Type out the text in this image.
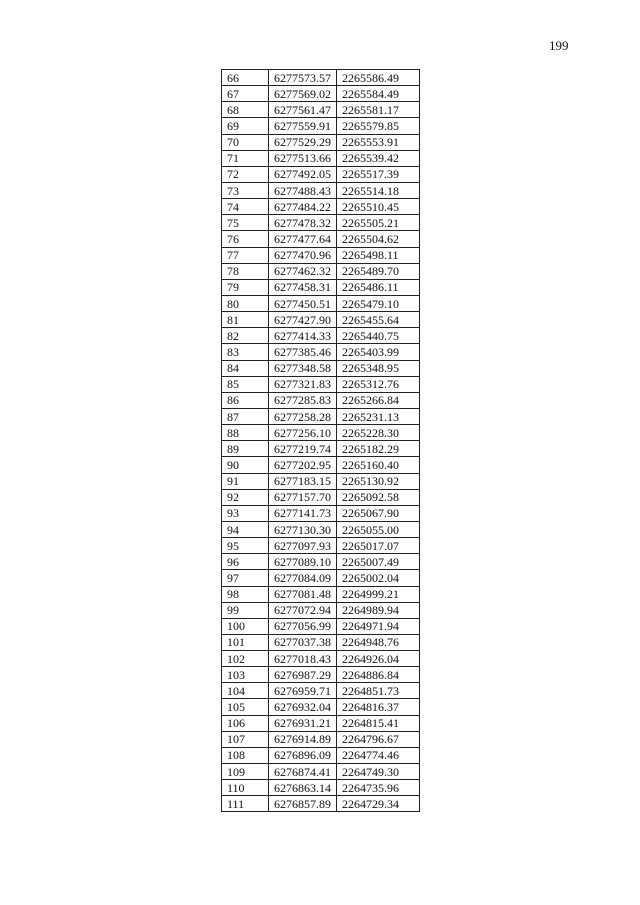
199
66	6277573.57	2265586.49
67	6277569.02	2265584.49
68	6277561.47	2265581.17
69	6277559.91	2265579.85
70	6277529.29	2265553.91
71	6277513.66	2265539.42
72	6277492.05	2265517.39
73	6277488.43	2265514.18
74	6277484.22	2265510.45
75	6277478.32	2265505.21
76	6277477.64	2265504.62
77	6277470.96	2265498.11
78	6277462.32	2265489.70
79	6277458.31	2265486.11
80	6277450.51	2265479.10
81	6277427.90	2265455.64
82	6277414.33	2265440.75
83	6277385.46	2265403.99
84	6277348.58	2265348.95
85	6277321.83	2265312.76
86	6277285.83	2265266.84
87	6277258.28	2265231.13
88	6277256.10	2265228.30
89	6277219.74	2265182.29
90	6277202.95	2265160.40
91	6277183.15	2265130.92
92	6277157.70	2265092.58
93	6277141.73	2265067.90
94	6277130.30	2265055.00
95	6277097.93	2265017.07
96	6277089.10	2265007.49
97	6277084.09	2265002.04
98	6277081.48	2264999.21
99	6277072.94	2264989.94
100	6277056.99	2264971.94
101	6277037.38	2264948.76
102	6277018.43	2264926.04
103	6276987.29	2264886.84
104	6276959.71	2264851.73
105	6276932.04	2264816.37
106	6276931.21	2264815.41
107	6276914.89	2264796.67
108	6276896.09	2264774.46
109	6276874.41	2264749.30
110	6276863.14	2264735.96
111	6276857.89	2264729.34
